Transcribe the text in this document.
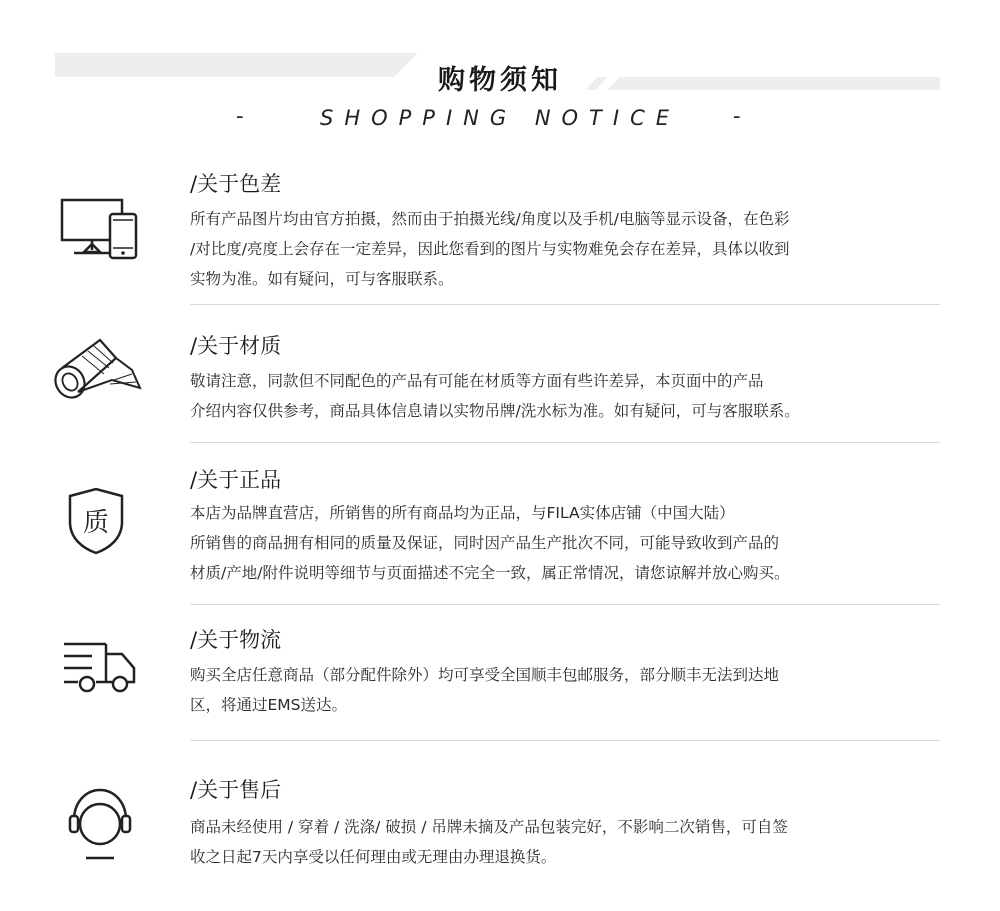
购物须知
-	SHOPPING NOTICE	-
/关于色差

所有产品图片均由官方拍摄，然而由于拍摄光线/角度以及手机/电脑等显示设备，在色彩

/对比度/亮度上会存在一定差异，因此您看到的图片与实物难免会存在差异，具体以收到

实物为准。如有疑问，可与客服联系。

/关于材质

敬请注意，同款但不同配色的产品有可能在材质等方面有些许差异，本页面中的产品

介绍内容仅供参考，商品具体信息请以实物吊牌/洗水标为准。如有疑问，可与客服联系。

质
/关于正品

本店为品牌直营店，所销售的所有商品均为正品，与FILA实体店铺（中国大陆）

所销售的商品拥有相同的质量及保证，同时因产品生产批次不同，可能导致收到产品的

材质/产地/附件说明等细节与页面描述不完全一致，属正常情况，请您谅解并放心购买。

/关于物流

购买全店任意商品（部分配件除外）均可享受全国顺丰包邮服务，部分顺丰无法到达地

区，将通过EMS送达。

/关于售后

商品未经使用 / 穿着 / 洗涤/ 破损 / 吊牌未摘及产品包装完好，不影响二次销售，可自签

收之日起7天内享受以任何理由或无理由办理退换货。
